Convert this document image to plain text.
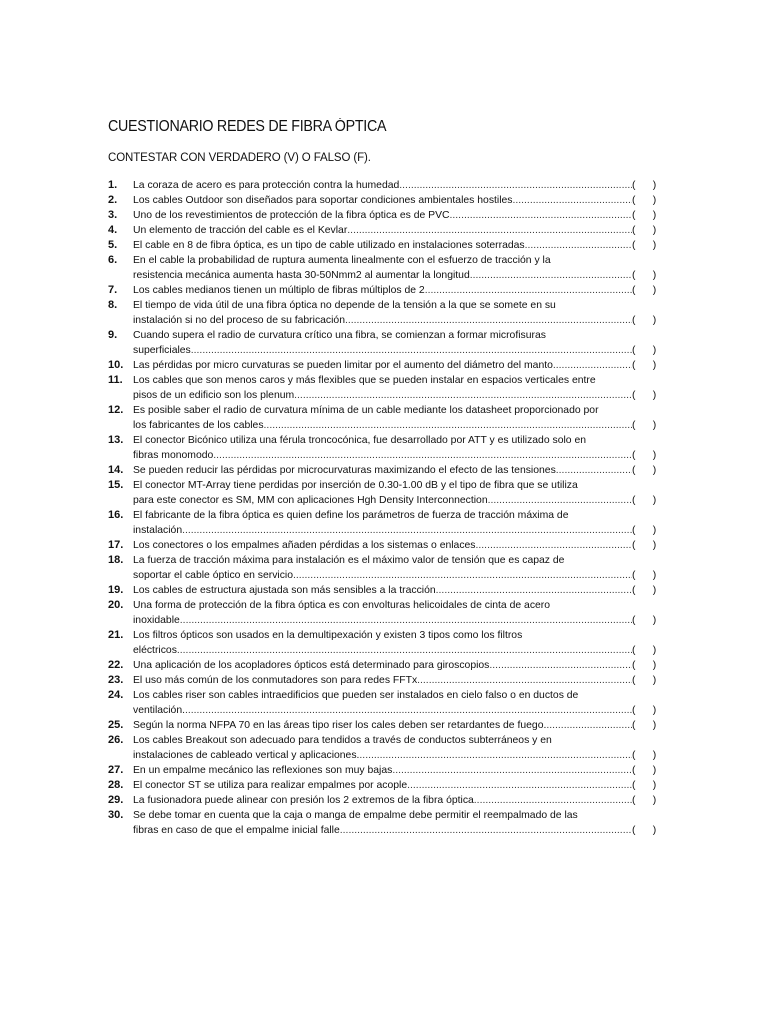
CUESTIONARIO REDES DE FIBRA ÓPTICA
CONTESTAR CON VERDADERO (V) O FALSO (F).
1.	La coraza de acero es para protección contra la humedad .....	(      )
2.	Los cables Outdoor son diseñados para soportar condiciones ambientales hostiles .....	(      )
3.	Uno de los revestimientos de protección de la fibra óptica es de PVC .....	(      )
4.	Un elemento de tracción del cable es el Kevlar .....	(      )
5.	El cable en 8 de fibra óptica, es un tipo de cable utilizado en instalaciones soterradas .....	(      )
6.	En el cable la probabilidad de ruptura aumenta linealmente con el esfuerzo de tracción y la
resistencia mecánica aumenta hasta 30-50Nmm2 al aumentar la longitud .....	(      )
7.	Los cables medianos tienen un múltiplo de fibras múltiplos de 2 .....	(      )
8.	El tiempo de vida útil de una fibra óptica no depende de la tensión a la que se somete en su
instalación si no del proceso de su fabricación .....	(      )
9.	Cuando supera el radio de curvatura crítico una fibra, se comienzan a formar microfisuras
superficiales .....	(      )
10. Las pérdidas por micro curvaturas se pueden limitar por el aumento del diámetro del manto .....	(      )
11. Los cables que son menos caros y más flexibles que se pueden instalar en espacios verticales entre
pisos de un edificio son los plenum .....	(      )
12. Es posible saber el radio de curvatura mínima de un cable mediante los datasheet proporcionado por
los fabricantes de los cables .....	(      )
13. El conector Bicónico utiliza una férula troncocónica, fue desarrollado por ATT y es utilizado solo en
fibras monomodo .....	(      )
14. Se pueden reducir las pérdidas por microcurvaturas maximizando el efecto de las tensiones .....	(      )
15. El conector MT-Array tiene perdidas por inserción de 0.30-1.00 dB y el tipo de fibra que se utiliza
para este conector es SM, MM con aplicaciones Hgh Density Interconnection .....	(      )
16. El fabricante de la fibra óptica es quien define los parámetros de fuerza de tracción máxima de
instalación .....	(      )
17. Los conectores o los empalmes añaden pérdidas a los sistemas o enlaces .....	(      )
18. La fuerza de tracción máxima para instalación es el máximo valor de tensión que es capaz de
soportar el cable óptico en servicio .....	(      )
19. Los cables de estructura ajustada son más sensibles a la tracción .....	(      )
20. Una forma de protección de la fibra óptica es con envolturas helicoidales de cinta de acero
inoxidable .....	(      )
21. Los filtros ópticos son usados en la demultipexación y existen 3 tipos como los filtros
eléctricos .....	(      )
22. Una aplicación de los acopladores ópticos está determinado para giroscopios .....	(      )
23. El uso más común de los conmutadores son para redes FFTx .....	(      )
24. Los cables riser son cables intraedificios que pueden ser instalados en cielo falso o en ductos de
ventilación. .....	(      )
25. Según la norma NFPA 70 en las áreas tipo riser los cales deben ser retardantes de fuego. .....	(      )
26. Los cables Breakout son adecuado para tendidos a través de conductos subterráneos y en
instalaciones de cableado vertical y aplicaciones. .....	(      )
27. En un empalme mecánico las reflexiones son muy bajas .....	(      )
28. El conector ST se utiliza para realizar empalmes por acople .....	(      )
29. La fusionadora puede alinear con presión los 2 extremos de la fibra óptica .....	(      )
30. Se debe tomar en cuenta que la caja o manga de empalme debe permitir el reempalmado de las
fibras en caso de que el empalme inicial falle .....	(      )
